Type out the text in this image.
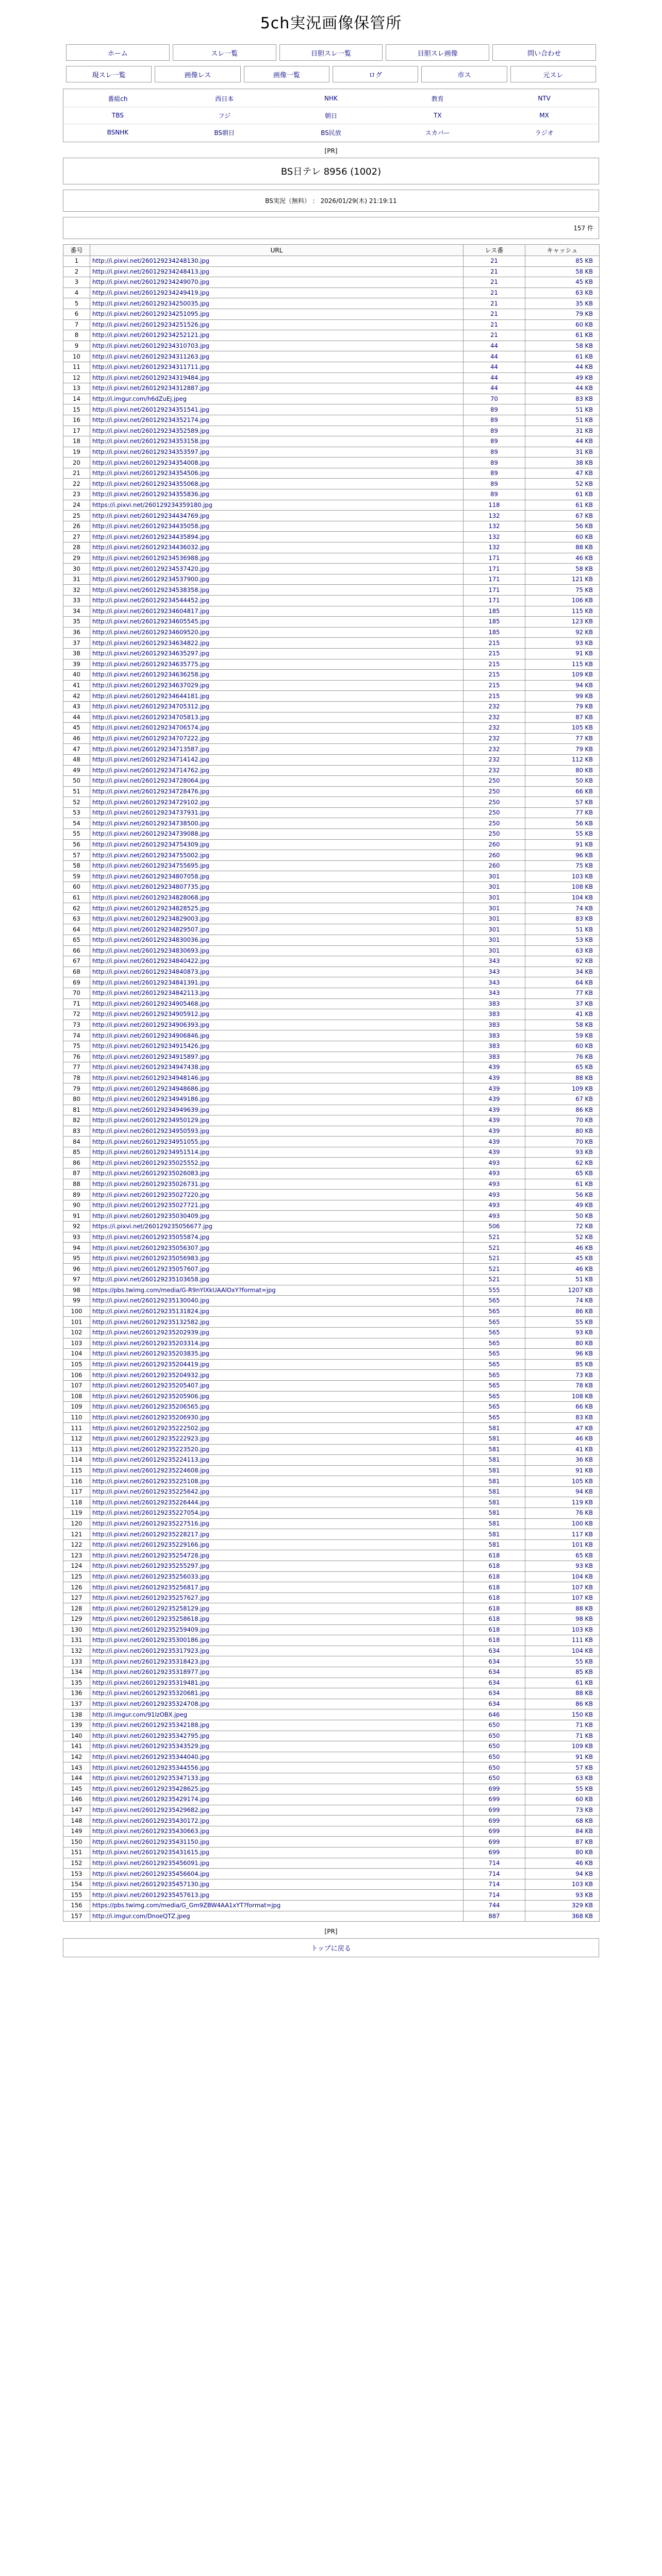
5ch実況画像保管所
ホーム	スレ一覧	目胆スレ一覧	目胆スレ画像	問い合わせ
現スレ一覧	画像レス	画像一覧	ログ	市ス	元スレ
番組ch	西日本	NHK	教育	NTV
TBS	フジ	朝日	TX	MX
BSNHK	BS朝日	BS民放	スカパー	ラジオ
[PR]
BS日テレ 8956 (1002)
BS実況（無料） ： 2026/01/29(木) 21:19:11
157 件
番号	URL	レス番	キャッシュ
1	http://i.pixvi.net/260129234248130.jpg	21	85 KB
2	http://i.pixvi.net/260129234248413.jpg	21	58 KB
3	http://i.pixvi.net/260129234249070.jpg	21	45 KB
4	http://i.pixvi.net/260129234249419.jpg	21	63 KB
5	http://i.pixvi.net/260129234250035.jpg	21	35 KB
6	http://i.pixvi.net/260129234251095.jpg	21	79 KB
7	http://i.pixvi.net/260129234251526.jpg	21	60 KB
8	http://i.pixvi.net/260129234252121.jpg	21	61 KB
9	http://i.pixvi.net/260129234310703.jpg	44	58 KB
10	http://i.pixvi.net/260129234311263.jpg	44	61 KB
11	http://i.pixvi.net/260129234311711.jpg	44	44 KB
12	http://i.pixvi.net/260129234319484.jpg	44	49 KB
13	http://i.pixvi.net/260129234312887.jpg	44	44 KB
14	http://i.imgur.com/h6dZuEj.jpeg	70	83 KB
15	http://i.pixvi.net/260129234351541.jpg	89	51 KB
16	http://i.pixvi.net/260129234352174.jpg	89	51 KB
17	http://i.pixvi.net/260129234352589.jpg	89	31 KB
18	http://i.pixvi.net/260129234353158.jpg	89	44 KB
19	http://i.pixvi.net/260129234353597.jpg	89	31 KB
20	http://i.pixvi.net/260129234354008.jpg	89	38 KB
21	http://i.pixvi.net/260129234354506.jpg	89	47 KB
22	http://i.pixvi.net/260129234355068.jpg	89	52 KB
23	http://i.pixvi.net/260129234355836.jpg	89	61 KB
24	https://i.pixvi.net/260129234359180.jpg	118	61 KB
25	http://i.pixvi.net/260129234434769.jpg	132	67 KB
26	http://i.pixvi.net/260129234435058.jpg	132	56 KB
27	http://i.pixvi.net/260129234435894.jpg	132	60 KB
28	http://i.pixvi.net/260129234436032.jpg	132	88 KB
29	http://i.pixvi.net/260129234536988.jpg	171	46 KB
30	http://i.pixvi.net/260129234537420.jpg	171	58 KB
31	http://i.pixvi.net/260129234537900.jpg	171	121 KB
32	http://i.pixvi.net/260129234538358.jpg	171	75 KB
33	http://i.pixvi.net/260129234544452.jpg	171	106 KB
34	http://i.pixvi.net/260129234604817.jpg	185	115 KB
35	http://i.pixvi.net/260129234605545.jpg	185	123 KB
36	http://i.pixvi.net/260129234609520.jpg	185	92 KB
37	http://i.pixvi.net/260129234634822.jpg	215	93 KB
38	http://i.pixvi.net/260129234635297.jpg	215	91 KB
39	http://i.pixvi.net/260129234635775.jpg	215	115 KB
40	http://i.pixvi.net/260129234636258.jpg	215	109 KB
41	http://i.pixvi.net/260129234637029.jpg	215	94 KB
42	http://i.pixvi.net/260129234644181.jpg	215	99 KB
43	http://i.pixvi.net/260129234705312.jpg	232	79 KB
44	http://i.pixvi.net/260129234705813.jpg	232	87 KB
45	http://i.pixvi.net/260129234706574.jpg	232	105 KB
46	http://i.pixvi.net/260129234707222.jpg	232	77 KB
47	http://i.pixvi.net/260129234713587.jpg	232	79 KB
48	http://i.pixvi.net/260129234714142.jpg	232	112 KB
49	http://i.pixvi.net/260129234714762.jpg	232	80 KB
50	http://i.pixvi.net/260129234728064.jpg	250	50 KB
51	http://i.pixvi.net/260129234728476.jpg	250	66 KB
52	http://i.pixvi.net/260129234729102.jpg	250	57 KB
53	http://i.pixvi.net/260129234737931.jpg	250	77 KB
54	http://i.pixvi.net/260129234738500.jpg	250	56 KB
55	http://i.pixvi.net/260129234739088.jpg	250	55 KB
56	http://i.pixvi.net/260129234754309.jpg	260	91 KB
57	http://i.pixvi.net/260129234755002.jpg	260	96 KB
58	http://i.pixvi.net/260129234755695.jpg	260	75 KB
59	http://i.pixvi.net/260129234807058.jpg	301	103 KB
60	http://i.pixvi.net/260129234807735.jpg	301	108 KB
61	http://i.pixvi.net/260129234828068.jpg	301	104 KB
62	http://i.pixvi.net/260129234828525.jpg	301	74 KB
63	http://i.pixvi.net/260129234829003.jpg	301	83 KB
64	http://i.pixvi.net/260129234829507.jpg	301	51 KB
65	http://i.pixvi.net/260129234830036.jpg	301	53 KB
66	http://i.pixvi.net/260129234830693.jpg	301	63 KB
67	http://i.pixvi.net/260129234840422.jpg	343	92 KB
68	http://i.pixvi.net/260129234840873.jpg	343	34 KB
69	http://i.pixvi.net/260129234841391.jpg	343	64 KB
70	http://i.pixvi.net/260129234842113.jpg	343	77 KB
71	http://i.pixvi.net/260129234905468.jpg	383	37 KB
72	http://i.pixvi.net/260129234905912.jpg	383	41 KB
73	http://i.pixvi.net/260129234906393.jpg	383	58 KB
74	http://i.pixvi.net/260129234906846.jpg	383	59 KB
75	http://i.pixvi.net/260129234915426.jpg	383	60 KB
76	http://i.pixvi.net/260129234915897.jpg	383	76 KB
77	http://i.pixvi.net/260129234947438.jpg	439	65 KB
78	http://i.pixvi.net/260129234948146.jpg	439	88 KB
79	http://i.pixvi.net/260129234948686.jpg	439	109 KB
80	http://i.pixvi.net/260129234949186.jpg	439	67 KB
81	http://i.pixvi.net/260129234949639.jpg	439	86 KB
82	http://i.pixvi.net/260129234950129.jpg	439	70 KB
83	http://i.pixvi.net/260129234950593.jpg	439	80 KB
84	http://i.pixvi.net/260129234951055.jpg	439	70 KB
85	http://i.pixvi.net/260129234951514.jpg	439	93 KB
86	http://i.pixvi.net/260129235025552.jpg	493	62 KB
87	http://i.pixvi.net/260129235026083.jpg	493	65 KB
88	http://i.pixvi.net/260129235026731.jpg	493	61 KB
89	http://i.pixvi.net/260129235027220.jpg	493	56 KB
90	http://i.pixvi.net/260129235027721.jpg	493	49 KB
91	http://i.pixvi.net/260129235030409.jpg	493	50 KB
92	https://i.pixvi.net/260129235056677.jpg	506	72 KB
93	http://i.pixvi.net/260129235055874.jpg	521	52 KB
94	http://i.pixvi.net/260129235056307.jpg	521	46 KB
95	http://i.pixvi.net/260129235056983.jpg	521	45 KB
96	http://i.pixvi.net/260129235057607.jpg	521	46 KB
97	http://i.pixvi.net/260129235103658.jpg	521	51 KB
98	https://pbs.twimg.com/media/G-R9nYlXkUAAlOxY?format=jpg	555	1207 KB
99	http://i.pixvi.net/260129235130040.jpg	565	74 KB
100	http://i.pixvi.net/260129235131824.jpg	565	86 KB
101	http://i.pixvi.net/260129235132582.jpg	565	55 KB
102	http://i.pixvi.net/260129235202939.jpg	565	93 KB
103	http://i.pixvi.net/260129235203314.jpg	565	80 KB
104	http://i.pixvi.net/260129235203835.jpg	565	96 KB
105	http://i.pixvi.net/260129235204419.jpg	565	85 KB
106	http://i.pixvi.net/260129235204932.jpg	565	73 KB
107	http://i.pixvi.net/260129235205407.jpg	565	78 KB
108	http://i.pixvi.net/260129235205906.jpg	565	108 KB
109	http://i.pixvi.net/260129235206565.jpg	565	66 KB
110	http://i.pixvi.net/260129235206930.jpg	565	83 KB
111	http://i.pixvi.net/260129235222502.jpg	581	47 KB
112	http://i.pixvi.net/260129235222923.jpg	581	46 KB
113	http://i.pixvi.net/260129235223520.jpg	581	41 KB
114	http://i.pixvi.net/260129235224113.jpg	581	36 KB
115	http://i.pixvi.net/260129235224608.jpg	581	91 KB
116	http://i.pixvi.net/260129235225108.jpg	581	105 KB
117	http://i.pixvi.net/260129235225642.jpg	581	94 KB
118	http://i.pixvi.net/260129235226444.jpg	581	119 KB
119	http://i.pixvi.net/260129235227054.jpg	581	76 KB
120	http://i.pixvi.net/260129235227516.jpg	581	100 KB
121	http://i.pixvi.net/260129235228217.jpg	581	117 KB
122	http://i.pixvi.net/260129235229166.jpg	581	101 KB
123	http://i.pixvi.net/260129235254728.jpg	618	65 KB
124	http://i.pixvi.net/260129235255297.jpg	618	93 KB
125	http://i.pixvi.net/260129235256033.jpg	618	104 KB
126	http://i.pixvi.net/260129235256817.jpg	618	107 KB
127	http://i.pixvi.net/260129235257627.jpg	618	107 KB
128	http://i.pixvi.net/260129235258129.jpg	618	88 KB
129	http://i.pixvi.net/260129235258618.jpg	618	98 KB
130	http://i.pixvi.net/260129235259409.jpg	618	103 KB
131	http://i.pixvi.net/260129235300186.jpg	618	111 KB
132	http://i.pixvi.net/260129235317923.jpg	634	104 KB
133	http://i.pixvi.net/260129235318423.jpg	634	55 KB
134	http://i.pixvi.net/260129235318977.jpg	634	85 KB
135	http://i.pixvi.net/260129235319481.jpg	634	61 KB
136	http://i.pixvi.net/260129235320681.jpg	634	88 KB
137	http://i.pixvi.net/260129235324708.jpg	634	86 KB
138	http://i.imgur.com/91lzOBX.jpeg	646	150 KB
139	http://i.pixvi.net/260129235342188.jpg	650	71 KB
140	http://i.pixvi.net/260129235342795.jpg	650	71 KB
141	http://i.pixvi.net/260129235343529.jpg	650	109 KB
142	http://i.pixvi.net/260129235344040.jpg	650	91 KB
143	http://i.pixvi.net/260129235344556.jpg	650	57 KB
144	http://i.pixvi.net/260129235347133.jpg	650	63 KB
145	http://i.pixvi.net/260129235428625.jpg	699	55 KB
146	http://i.pixvi.net/260129235429174.jpg	699	60 KB
147	http://i.pixvi.net/260129235429682.jpg	699	73 KB
148	http://i.pixvi.net/260129235430172.jpg	699	68 KB
149	http://i.pixvi.net/260129235430663.jpg	699	84 KB
150	http://i.pixvi.net/260129235431150.jpg	699	87 KB
151	http://i.pixvi.net/260129235431615.jpg	699	80 KB
152	http://i.pixvi.net/260129235456091.jpg	714	46 KB
153	http://i.pixvi.net/260129235456604.jpg	714	94 KB
154	http://i.pixvi.net/260129235457130.jpg	714	103 KB
155	http://i.pixvi.net/260129235457613.jpg	714	93 KB
156	https://pbs.twimg.com/media/G_Gm9ZBW4AA1xYT?format=jpg	744	329 KB
157	http://i.imgur.com/DnoeQTZ.jpeg	887	368 KB
[PR]
トップに戻る
